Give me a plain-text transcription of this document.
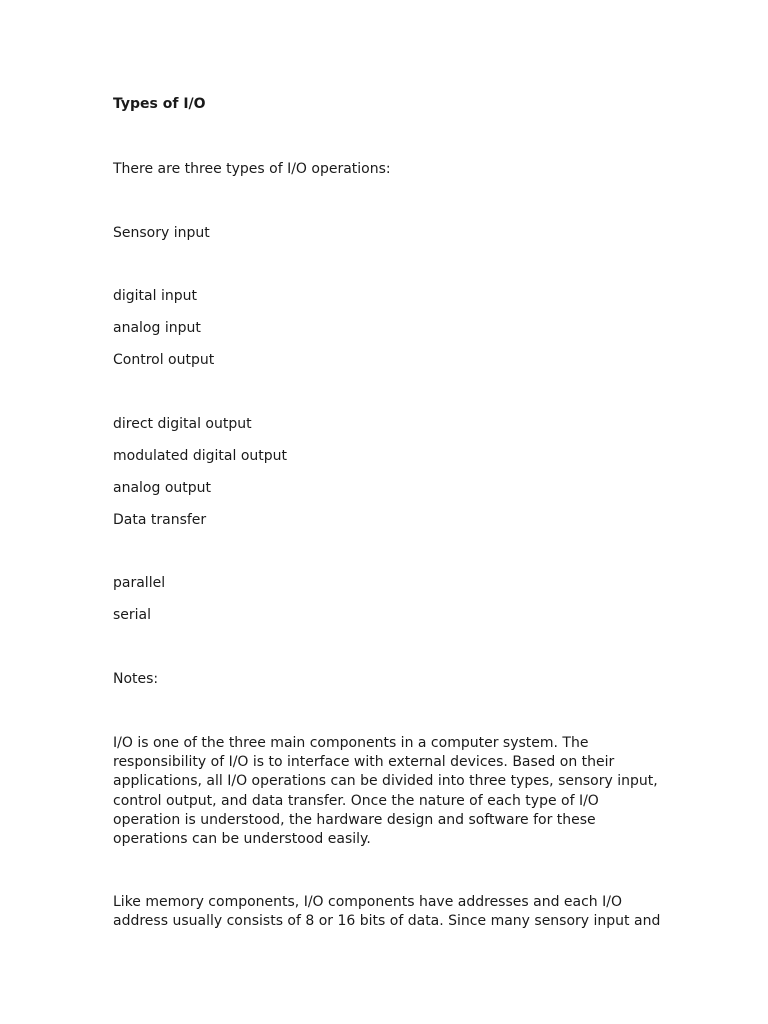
Types of I/O
There are three types of I/O operations:
Sensory input
digital input
analog input
Control output
direct digital output
modulated digital output
analog output
Data transfer
parallel
serial
Notes:
I/O is one of the three main components in a computer system. The
responsibility of I/O is to interface with external devices. Based on their
applications, all I/O operations can be divided into three types, sensory input,
control output, and data transfer. Once the nature of each type of I/O
operation is understood, the hardware design and software for these
operations can be understood easily.
Like memory components, I/O components have addresses and each I/O
address usually consists of 8 or 16 bits of data. Since many sensory input and
